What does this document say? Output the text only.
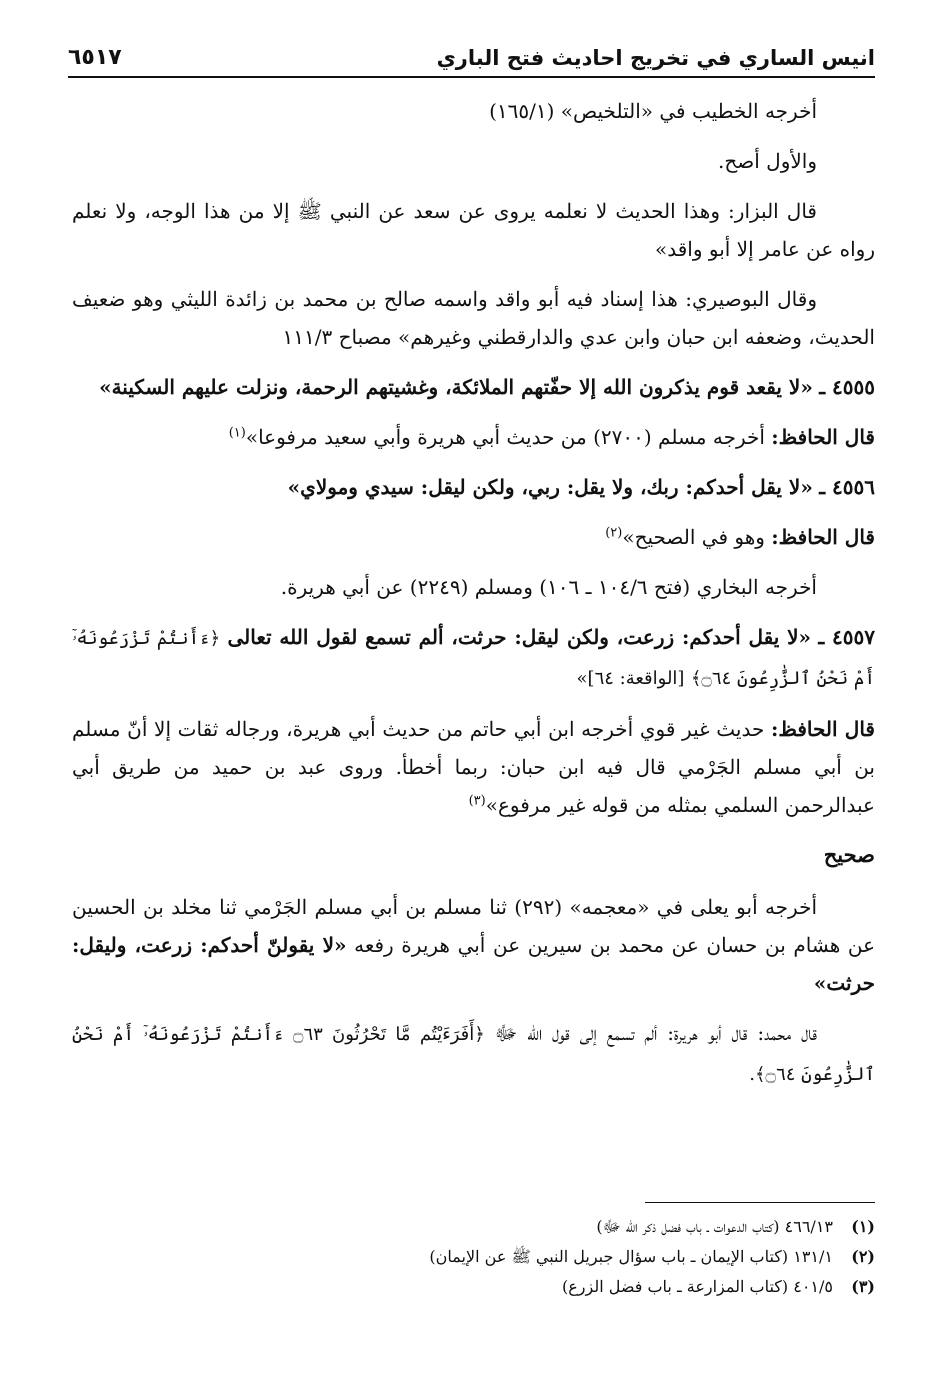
انيس الساري في تخريج احاديث فتح الباري
٦٥١٧

أخرجه الخطيب في «التلخيص» (١٦٥/١)

والأول أصح.

قال البزار: وهذا الحديث لا نعلمه يروى عن سعد عن النبي ﷺ إلا من هذا الوجه، ولا نعلم رواه عن عامر إلا أبو واقد»

وقال البوصيري: هذا إسناد فيه أبو واقد واسمه صالح بن محمد بن زائدة الليثي وهو ضعيف الحديث، وضعفه ابن حبان وابن عدي والدارقطني وغيرهم» مصباح ١١١/٣

٤٥٥٥ ـ «لا يقعد قوم يذكرون الله إلا حفّتهم الملائكة، وغشيتهم الرحمة، ونزلت عليهم السكينة»

قال الحافظ: أخرجه مسلم (٢٧٠٠) من حديث أبي هريرة وأبي سعيد مرفوعا»$^{(١)}$

٤٥٥٦ ـ «لا يقل أحدكم: ربك، ولا يقل: ربي، ولكن ليقل: سيدي ومولاي»

قال الحافظ: وهو في الصحيح»$^{(٢)}$

أخرجه البخاري (فتح ١٠٤/٦ ـ ١٠٦) ومسلم (٢٢٤٩) عن أبي هريرة.

٤٥٥٧ ـ «لا يقل أحدكم: زرعت، ولكن ليقل: حرثت، ألم تسمع لقول الله تعالى ﴿ءَأَنتُمْ تَزْرَعُونَهُۥٓ أَمْ نَحْنُ ٱلزَّٰرِعُونَ ۝٦٤﴾ [الواقعة: ٦٤]»

قال الحافظ: حديث غير قوي أخرجه ابن أبي حاتم من حديث أبي هريرة، ورجاله ثقات إلا أنّ مسلم بن أبي مسلم الجَرْمي قال فيه ابن حبان: ربما أخطأ. وروى عبد بن حميد من طريق أبي عبدالرحمن السلمي بمثله من قوله غير مرفوع»$^{(٣)}$

صحيح

أخرجه أبو يعلى في «معجمه» (٢٩٢) ثنا مسلم بن أبي مسلم الجَرْمي ثنا مخلد بن الحسين عن هشام بن حسان عن محمد بن سيرين عن أبي هريرة رفعه «لا يقولنّ أحدكم: زرعت، وليقل: حرثت»

قال محمد: قال أبو هريرة: ألم تسمع إلى قول الله ﷻ ﴿أَفَرَءَيْتُم مَّا تَحْرُثُونَ ۝٦٣ ءَأَنتُمْ تَزْرَعُونَهُۥٓ أَمْ نَحْنُ ٱلزَّٰرِعُونَ ۝٦٤﴾.

(١)
٤٦٦/١٣ (كتاب الدعوات ـ باب فضل ذكر الله ﷻ)
(٢)
١٣١/١ (كتاب الإيمان ـ باب سؤال جبريل النبي ﷺ عن الإيمان)
(٣)
٤٠١/٥ (كتاب المزارعة ـ باب فضل الزرع)
